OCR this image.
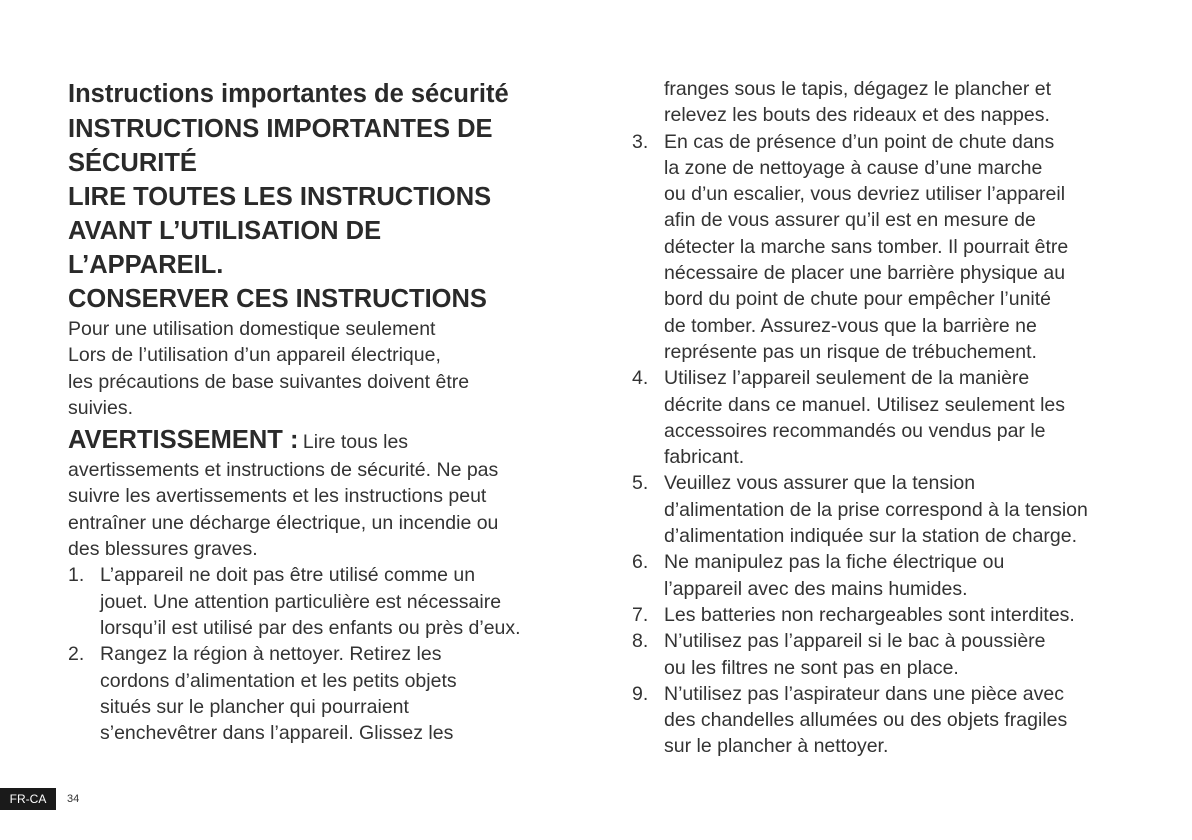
Instructions importantes de sécurité
INSTRUCTIONS IMPORTANTES DE
SÉCURITÉ
LIRE TOUTES LES INSTRUCTIONS
AVANT L’UTILISATION DE
L’APPAREIL.
CONSERVER CES INSTRUCTIONS
Pour une utilisation domestique seulement
Lors de l’utilisation d’un appareil électrique,
les précautions de base suivantes doivent être
suivies.
AVERTISSEMENT : Lire tous les
avertissements et instructions de sécurité. Ne pas
suivre les avertissements et les instructions peut
entraîner une décharge électrique, un incendie ou
des blessures graves.
1. L’appareil ne doit pas être utilisé comme un
jouet. Une attention particulière est nécessaire
lorsqu’il est utilisé par des enfants ou près d’eux.
2. Rangez la région à nettoyer. Retirez les
cordons d’alimentation et les petits objets
situés sur le plancher qui pourraient
s’enchevêtrer dans l’appareil. Glissez les
franges sous le tapis, dégagez le plancher et
relevez les bouts des rideaux et des nappes.
3. En cas de présence d’un point de chute dans
la zone de nettoyage à cause d’une marche
ou d’un escalier, vous devriez utiliser l’appareil
afin de vous assurer qu’il est en mesure de
détecter la marche sans tomber. Il pourrait être
nécessaire de placer une barrière physique au
bord du point de chute pour empêcher l’unité
de tomber. Assurez-vous que la barrière ne
représente pas un risque de trébuchement.
4. Utilisez l’appareil seulement de la manière
décrite dans ce manuel. Utilisez seulement les
accessoires recommandés ou vendus par le
fabricant.
5. Veuillez vous assurer que la tension
d’alimentation de la prise correspond à la tension
d’alimentation indiquée sur la station de charge.
6. Ne manipulez pas la fiche électrique ou
l’appareil avec des mains humides.
7. Les batteries non rechargeables sont interdites.
8. N’utilisez pas l’appareil si le bac à poussière
ou les filtres ne sont pas en place.
9. N’utilisez pas l’aspirateur dans une pièce avec
des chandelles allumées ou des objets fragiles
sur le plancher à nettoyer.
FR-CA	34
